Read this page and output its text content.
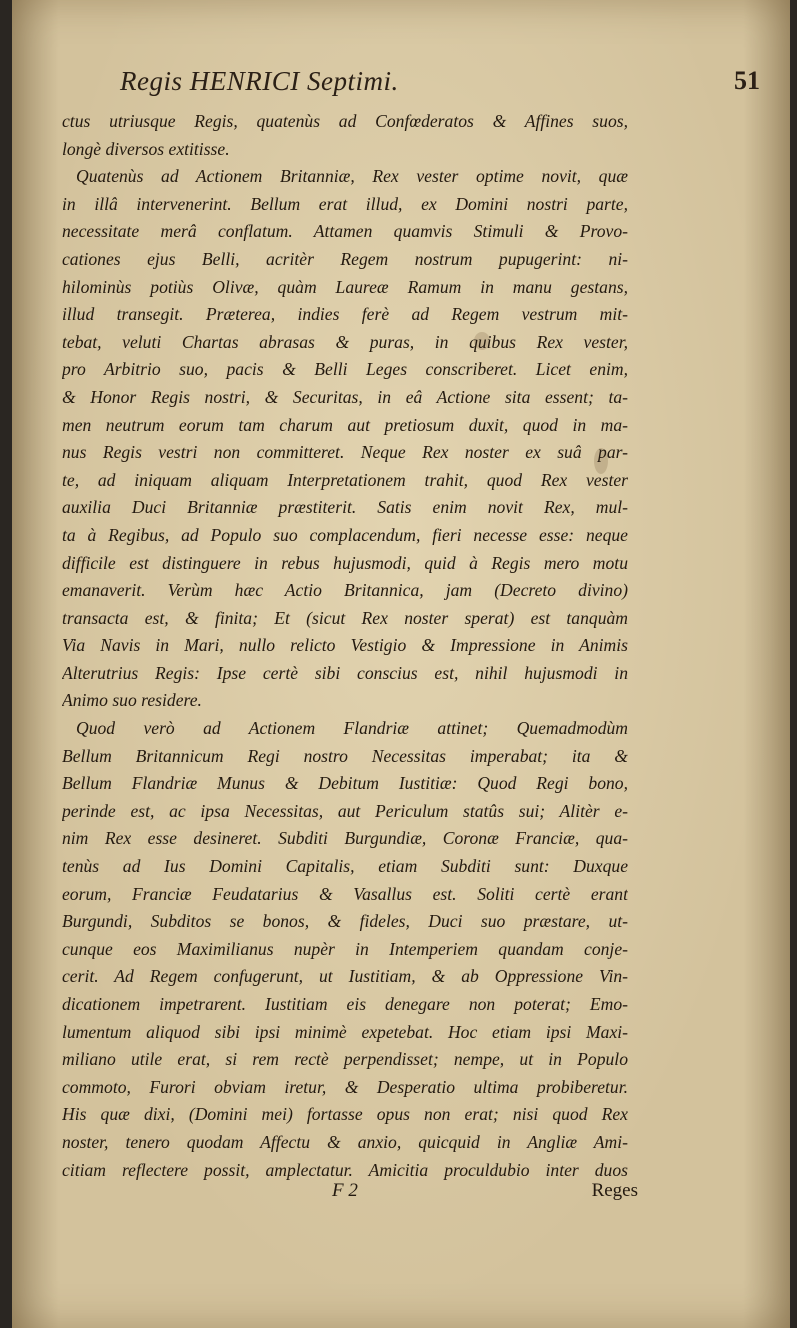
Regis HENRICI Septimi.	51
ctus utriusque Regis, quatenùs ad Confœderatos & Affines suos,
longè diversos extitisse.
Quatenùs ad Actionem Britanniæ, Rex vester optime novit, quæ
in illâ intervenerint. Bellum erat illud, ex Domini nostri parte,
necessitate merâ conflatum. Attamen quamvis Stimuli & Provo-
cationes ejus Belli, acritèr Regem nostrum pupugerint: ni-
hilominùs potiùs Olivæ, quàm Laureæ Ramum in manu gestans,
illud transegit. Præterea, indies ferè ad Regem vestrum mit-
tebat, veluti Chartas abrasas & puras, in quibus Rex vester,
pro Arbitrio suo, pacis & Belli Leges conscriberet. Licet enim,
& Honor Regis nostri, & Securitas, in eâ Actione sita essent; ta-
men neutrum eorum tam charum aut pretiosum duxit, quod in ma-
nus Regis vestri non committeret. Neque Rex noster ex suâ par-
te, ad iniquam aliquam Interpretationem trahit, quod Rex vester
auxilia Duci Britanniæ præstiterit. Satis enim novit Rex, mul-
ta à Regibus, ad Populo suo complacendum, fieri necesse esse: neque
difficile est distinguere in rebus hujusmodi, quid à Regis mero motu
emanaverit. Verùm hæc Actio Britannica, jam (Decreto divino)
transacta est, & finita; Et (sicut Rex noster sperat) est tanquàm
Via Navis in Mari, nullo relicto Vestigio & Impressione in Animis
Alterutrius Regis: Ipse certè sibi conscius est, nihil hujusmodi in
Animo suo residere.
Quod verò ad Actionem Flandriæ attinet; Quemadmodùm
Bellum Britannicum Regi nostro Necessitas imperabat; ita &
Bellum Flandriæ Munus & Debitum Iustitiæ: Quod Regi bono,
perinde est, ac ipsa Necessitas, aut Periculum statûs sui; Alitèr e-
nim Rex esse desineret. Subditi Burgundiæ, Coronæ Franciæ, qua-
tenùs ad Ius Domini Capitalis, etiam Subditi sunt: Duxque
eorum, Franciæ Feudatarius & Vasallus est. Soliti certè erant
Burgundi, Subditos se bonos, & fideles, Duci suo præstare, ut-
cunque eos Maximilianus nupèr in Intemperiem quandam conje-
cerit. Ad Regem confugerunt, ut Iustitiam, & ab Oppressione Vin-
dicationem impetrarent. Iustitiam eis denegare non poterat; Emo-
lumentum aliquod sibi ipsi minimè expetebat. Hoc etiam ipsi Maxi-
miliano utile erat, si rem rectè perpendisset; nempe, ut in Populo
commoto, Furori obviam iretur, & Desperatio ultima probiberetur.
His quæ dixi, (Domini mei) fortasse opus non erat; nisi quod Rex
noster, tenero quodam Affectu & anxio, quicquid in Angliæ Ami-
citiam reflectere possit, amplectatur. Amicitia proculdubio inter duos
F 2	Reges
